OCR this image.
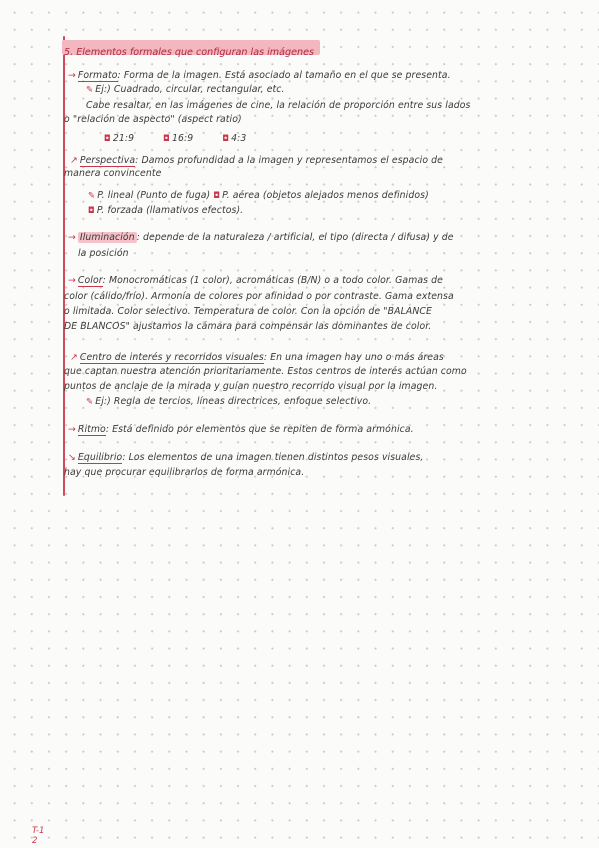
5. Elementos formales que configuran las imágenes
→ Formato: Forma de la imagen. Está asociado al tamaño en el que se presenta.
✎ Ej:) Cuadrado, circular, rectangular, etc.
Cabe resaltar, en las imágenes de cine, la relación de proporción entre sus lados
o "relación de aspecto" (aspect ratio)
◘ 21:9	◘ 16:9	◘ 4:3
↗ Perspectiva: Damos profundidad a la imagen y representamos el espacio de
manera convincente
✎ P. lineal (Punto de fuga) ◘ P. aérea (objetos alejados menos definidos)
◘ P. forzada (llamativos efectos).
→ Iluminación : depende de la naturaleza / artificial, el tipo (directa / difusa) y de
la posición
→ Color: Monocromáticas (1 color), acromáticas (B/N) o a todo color. Gamas de
color (cálido/frío). Armonía de colores por afinidad o por contraste. Gama extensa
o limitada. Color selectivo. Temperatura de color. Con la opción de "BALANCE
DE BLANCOS" ajustamos la cámara para compensar las dominantes de color.
↗ Centro de interés y recorridos visuales: En una imagen hay uno o más áreas
que captan nuestra atención prioritariamente. Estos centros de interés actúan como
puntos de anclaje de la mirada y guían nuestro recorrido visual por la imagen.
✎ Ej:) Regla de tercios, líneas directrices, enfoque selectivo.
→ Ritmo: Está definido por elementos que se repiten de forma armónica.
↘ Equilibrio: Los elementos de una imagen tienen distintos pesos visuales,
hay que procurar equilibrarlos de forma armónica.
T-1
2
